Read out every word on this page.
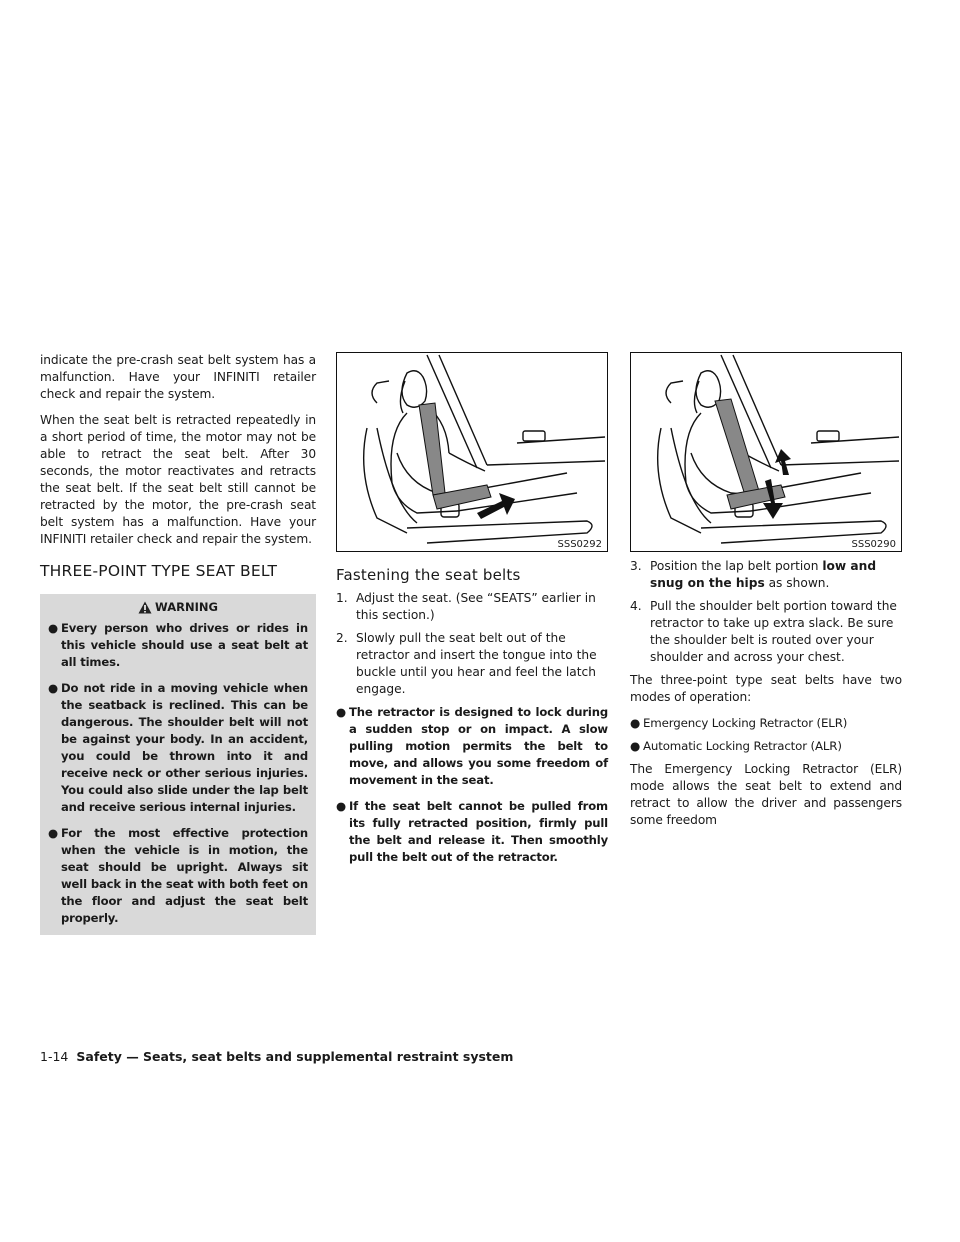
indicate the pre-crash seat belt system has a malfunction. Have your INFINITI retailer check and repair the system.

When the seat belt is retracted repeatedly in a short period of time, the motor may not be able to retract the seat belt. After 30 seconds, the motor reactivates and retracts the seat belt. If the seat belt still cannot be retracted by the motor, the pre-crash seat belt system has a malfunction. Have your INFINITI retailer check and repair the system.

THREE-POINT TYPE SEAT BELT
WARNING
● Every person who drives or rides in this vehicle should use a seat belt at all times.
● Do not ride in a moving vehicle when the seatback is reclined. This can be dangerous. The shoulder belt will not be against your body. In an accident, you could be thrown into it and receive neck or other serious injuries. You could also slide under the lap belt and receive serious internal injuries.
● For the most effective protection when the vehicle is in motion, the seat should be upright. Always sit well back in the seat with both feet on the floor and adjust the seat belt properly.
SSS0292	SSS0290
Fastening the seat belts
1. Adjust the seat. (See “SEATS” earlier in this section.)
2. Slowly pull the seat belt out of the retractor and insert the tongue into the buckle until you hear and feel the latch engage.
● The retractor is designed to lock during a sudden stop or on impact. A slow pulling motion permits the belt to move, and allows you some freedom of movement in the seat.
● If the seat belt cannot be pulled from its fully retracted position, firmly pull the belt and release it. Then smoothly pull the belt out of the retractor.
3. Position the lap belt portion low and snug on the hips as shown.
4. Pull the shoulder belt portion toward the retractor to take up extra slack. Be sure the shoulder belt is routed over your shoulder and across your chest.

The three-point type seat belts have two modes of operation:

● Emergency Locking Retractor (ELR)
● Automatic Locking Retractor (ALR)

The Emergency Locking Retractor (ELR) mode allows the seat belt to extend and retract to allow the driver and passengers some freedom

1-14 Safety — Seats, seat belts and supplemental restraint system
